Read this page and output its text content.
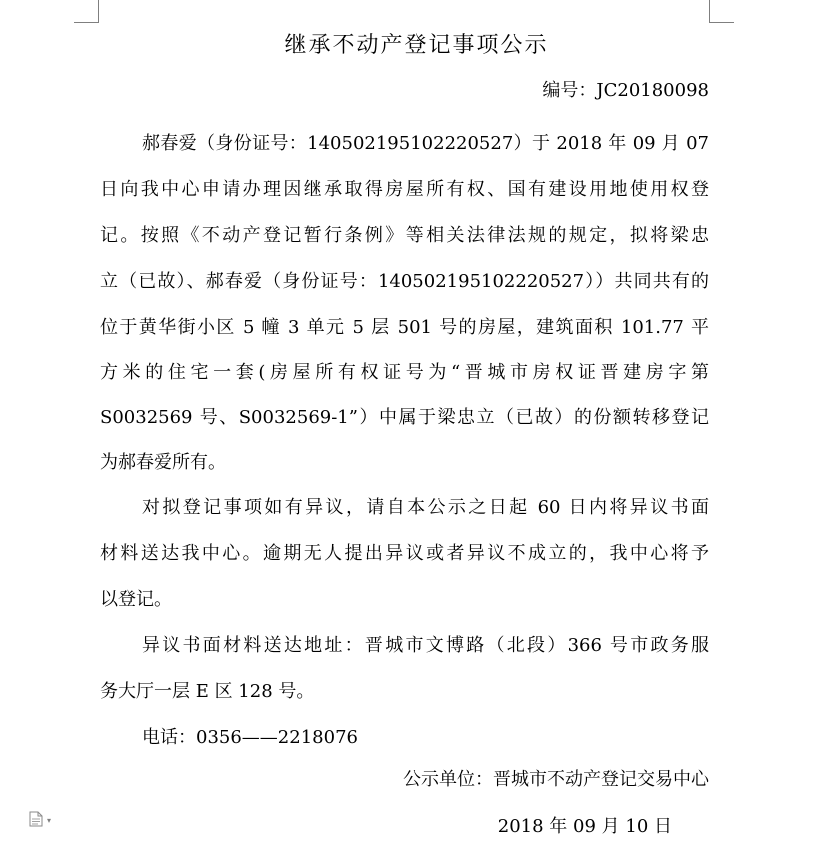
继承不动产登记事项公示
编号：JC20180098
郝春爱（身份证号：140502195102220527）于 2018 年 09 月 07
日向我中心申请办理因继承取得房屋所有权、国有建设用地使用权登
记。按照《不动产登记暂行条例》等相关法律法规的规定，拟将梁忠
立（已故）、郝春爱（身份证号：140502195102220527））共同共有的
位于黄华街小区 5 幢 3 单元 5 层 501 号的房屋，建筑面积 101.77 平
方米的住宅一套(房屋所有权证号为“晋城市房权证晋建房字第
S0032569 号、S0032569-1”）中属于梁忠立（已故）的份额转移登记
为郝春爱所有。
对拟登记事项如有异议，请自本公示之日起 60 日内将异议书面
材料送达我中心。逾期无人提出异议或者异议不成立的，我中心将予
以登记。
异议书面材料送达地址：晋城市文博路（北段）366 号市政务服
务大厅一层 E 区 128 号。
电话：0356——2218076
公示单位：晋城市不动产登记交易中心
2018 年 09 月 10 日
▾
